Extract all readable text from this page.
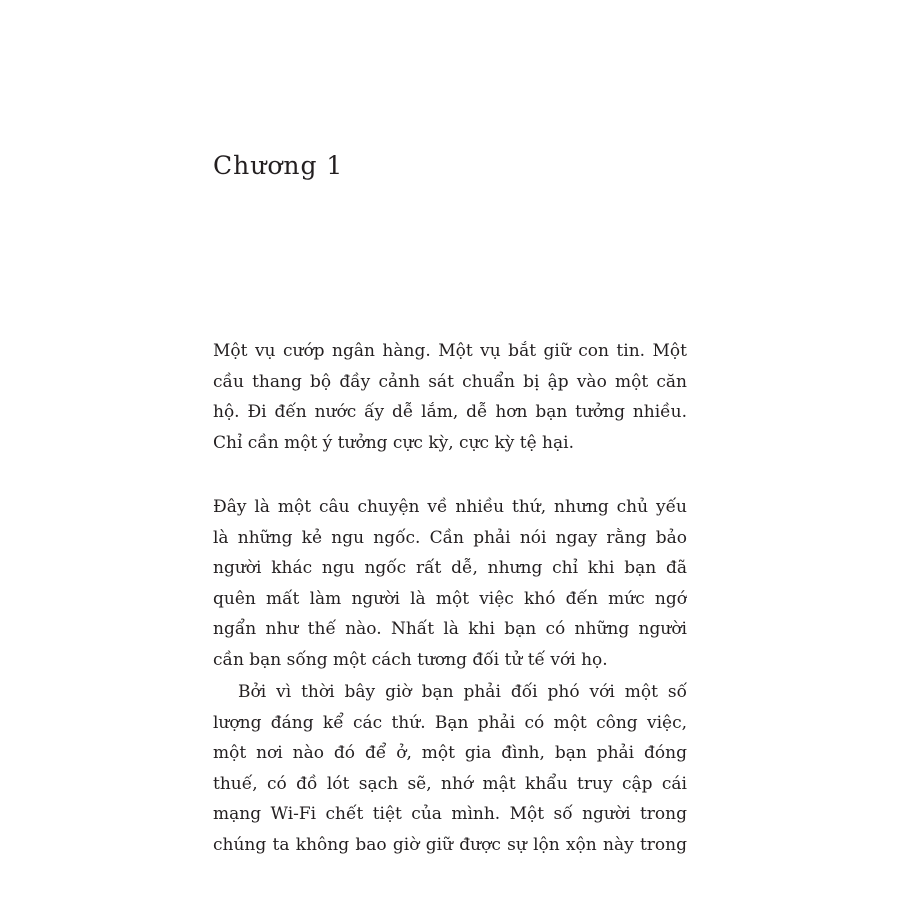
Chương 1

Một vụ cướp ngân hàng. Một vụ bắt giữ con tin. Một
cầu thang bộ đầy cảnh sát chuẩn bị ập vào một căn
hộ. Đi đến nước ấy dễ lắm, dễ hơn bạn tưởng nhiều.
Chỉ cần một ý tưởng cực kỳ, cực kỳ tệ hại.

Đây là một câu chuyện về nhiều thứ, nhưng chủ yếu
là những kẻ ngu ngốc. Cần phải nói ngay rằng bảo
người khác ngu ngốc rất dễ, nhưng chỉ khi bạn đã
quên mất làm người là một việc khó đến mức ngớ
ngẩn như thế nào. Nhất là khi bạn có những người
cần bạn sống một cách tương đối tử tế với họ.

Bởi vì thời bây giờ bạn phải đối phó với một số
lượng đáng kể các thứ. Bạn phải có một công việc,
một nơi nào đó để ở, một gia đình, bạn phải đóng
thuế, có đồ lót sạch sẽ, nhớ mật khẩu truy cập cái
mạng Wi-Fi chết tiệt của mình. Một số người trong
chúng ta không bao giờ giữ được sự lộn xộn này trong
